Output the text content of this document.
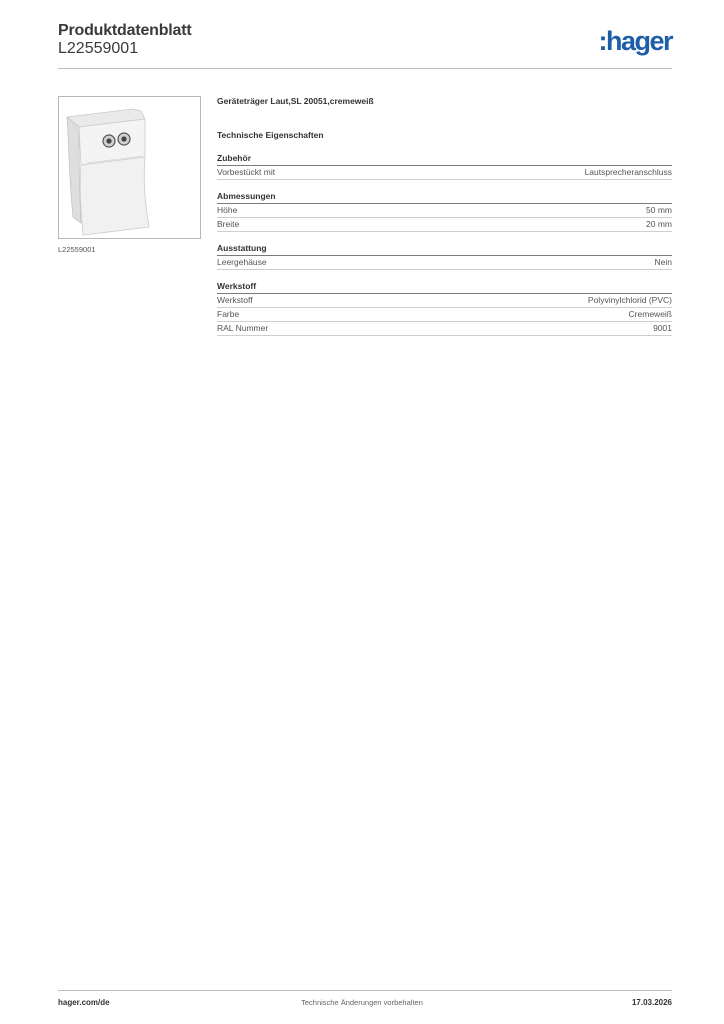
Produktdatenblatt
L22559001	:hager
L22559001
Geräteträger Laut,SL 20051,cremeweiß
Technische Eigenschaften
Zubehör
Vorbestückt mit	Lautsprecheranschluss
Abmessungen
Höhe	50 mm
Breite	20 mm
Ausstattung
Leergehäuse	Nein
Werkstoff
Werkstoff	Polyvinylchlorid (PVC)
Farbe	Cremeweiß
RAL Nummer	9001
hager.com/de	Technische Änderungen vorbehalten	17.03.2026
